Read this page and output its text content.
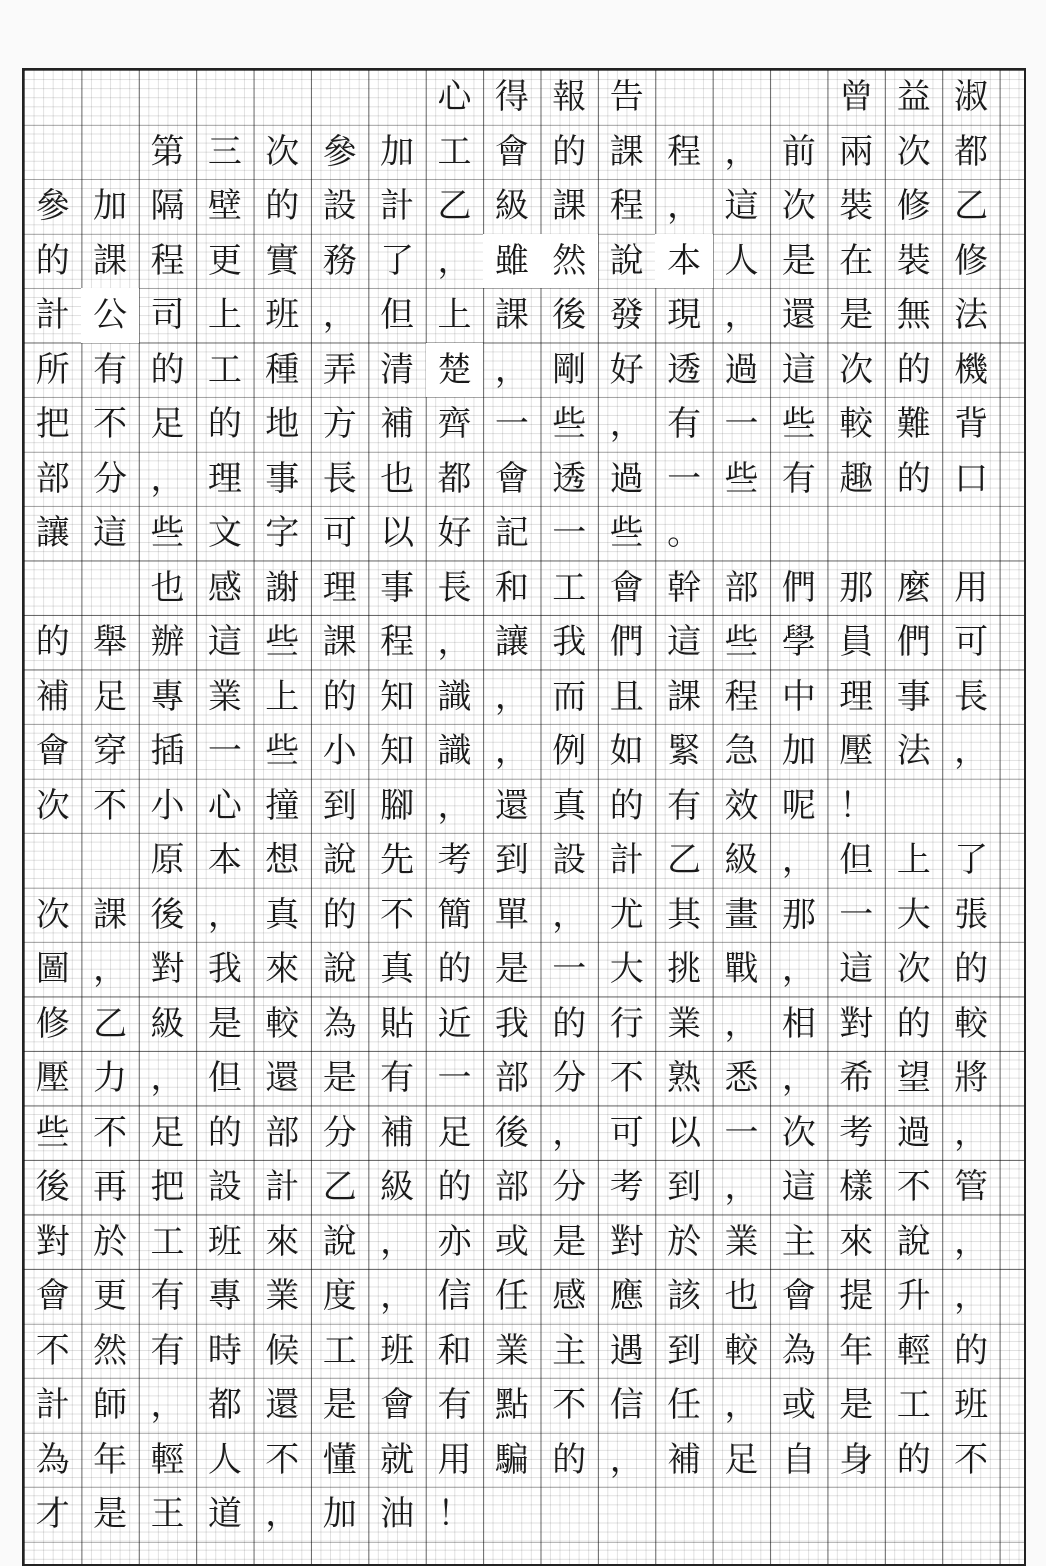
心 得 報 告	曾 益 淑
第 三 次 參 加 工 會 的 課 程 ， 前 兩 次 都
參 加 隔 壁 的 設 計 乙 級 課 程 ， 這 次 裝 修 乙
的 課 程 更 實 務 了 ， 雖 然 說 本 人 是 在 裝 修
計 公 司 上 班 ， 但 上 課 後 發 現 ， 還 是 無 法
所 有 的 工 種 弄 清 楚 ， 剛 好 透 過 這 次 的 機
把 不 足 的 地 方 補 齊 一 些 ， 有 一 些 較 難 背
部 分 ， 理 事 長 也 都 會 透 過 一 些 有 趣 的 口
讓 這 些 文 字 可 以 好 記 一 些 。
也 感 謝 理 事 長 和 工 會 幹 部 們 那 麼 用
的 舉 辦 這 些 課 程 ， 讓 我 們 這 些 學 員 們 可
補 足 專 業 上 的 知 識 ， 而 且 課 程 中 理 事 長
會 穿 插 一 些 小 知 識 ， 例 如 緊 急 加 壓 法 ，
次 不 小 心 撞 到 腳 ， 還 真 的 有 效 呢 ！
原 本 想 說 先 考 到 設 計 乙 級 ， 但 上 了
次 課 後 ， 真 的 不 簡 單 ， 尤 其 畫 那 一 大 張
圖 ， 對 我 來 說 真 的 是 一 大 挑 戰 ， 這 次 的
修 乙 級 是 較 為 貼 近 我 的 行 業 ， 相 對 的 較
壓 力 ， 但 還 是 有 一 部 分 不 熟 悉 ， 希 望 將
些 不 足 的 部 分 補 足 後 ， 可 以 一 次 考 過 ，
後 再 把 設 計 乙 級 的 部 分 考 到 ， 這 樣 不 管
對 於 工 班 來 說 ， 亦 或 是 對 於 業 主 來 說 ，
會 更 有 專 業 度 ， 信 任 感 應 該 也 會 提 升 ，
不 然 有 時 候 工 班 和 業 主 遇 到 較 為 年 輕 的
計 師 ， 都 還 是 會 有 點 不 信 任 ， 或 是 工 班
為 年 輕 人 不 懂 就 用 騙 的 ， 補 足 自 身 的 不
才 是 王 道 ， 加 油 ！
